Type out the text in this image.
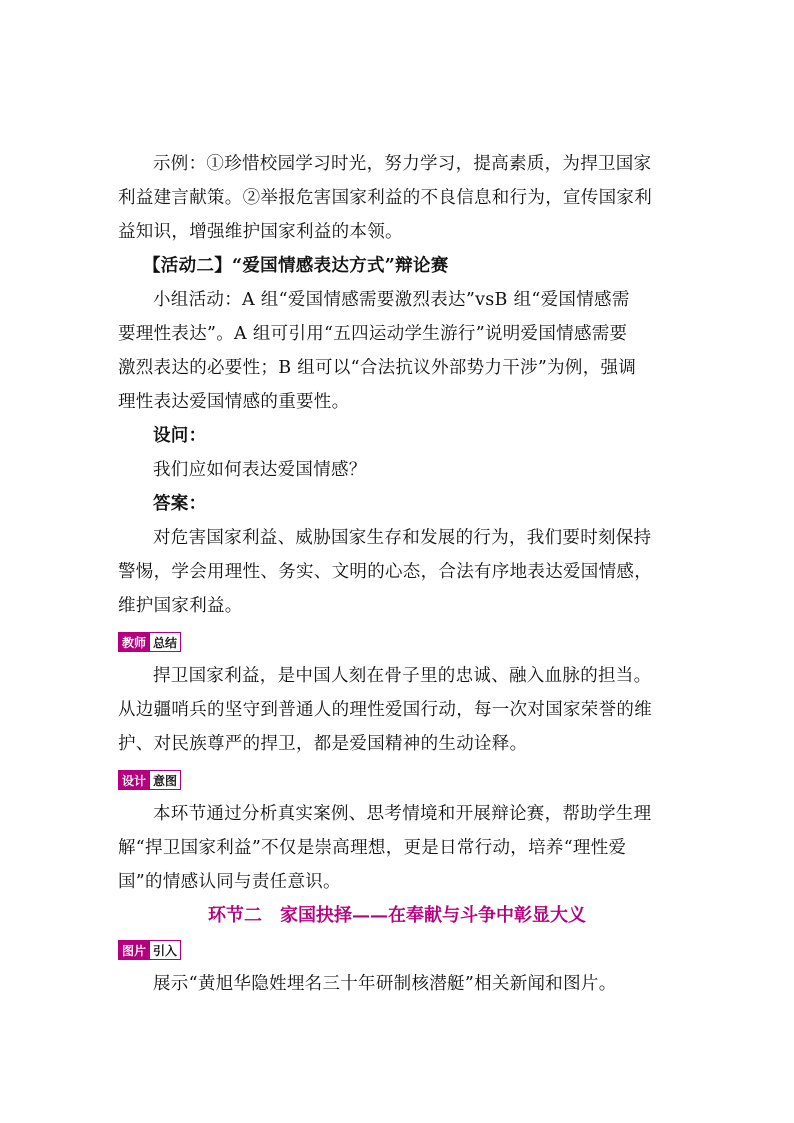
示例：①珍惜校园学习时光，努力学习，提高素质，为捍卫国家
利益建言献策。②举报危害国家利益的不良信息和行为，宣传国家利
益知识，增强维护国家利益的本领。
【活动二】“爱国情感表达方式”辩论赛
小组活动：A 组“爱国情感需要激烈表达”vsB 组“爱国情感需
要理性表达”。A 组可引用“五四运动学生游行”说明爱国情感需要
激烈表达的必要性；B 组可以“合法抗议外部势力干涉”为例，强调
理性表达爱国情感的重要性。
设问：
我们应如何表达爱国情感？
答案：
对危害国家利益、威胁国家生存和发展的行为，我们要时刻保持
警惕，学会用理性、务实、文明的心态，合法有序地表达爱国情感，
维护国家利益。
教师 总结
捍卫国家利益，是中国人刻在骨子里的忠诚、融入血脉的担当。
从边疆哨兵的坚守到普通人的理性爱国行动，每一次对国家荣誉的维
护、对民族尊严的捍卫，都是爱国精神的生动诠释。
设计 意图
本环节通过分析真实案例、思考情境和开展辩论赛，帮助学生理
解“捍卫国家利益”不仅是崇高理想，更是日常行动，培养“理性爱
国”的情感认同与责任意识。
环节二　家国抉择——在奉献与斗争中彰显大义
图片 引入
展示“黄旭华隐姓埋名三十年研制核潜艇”相关新闻和图片。
